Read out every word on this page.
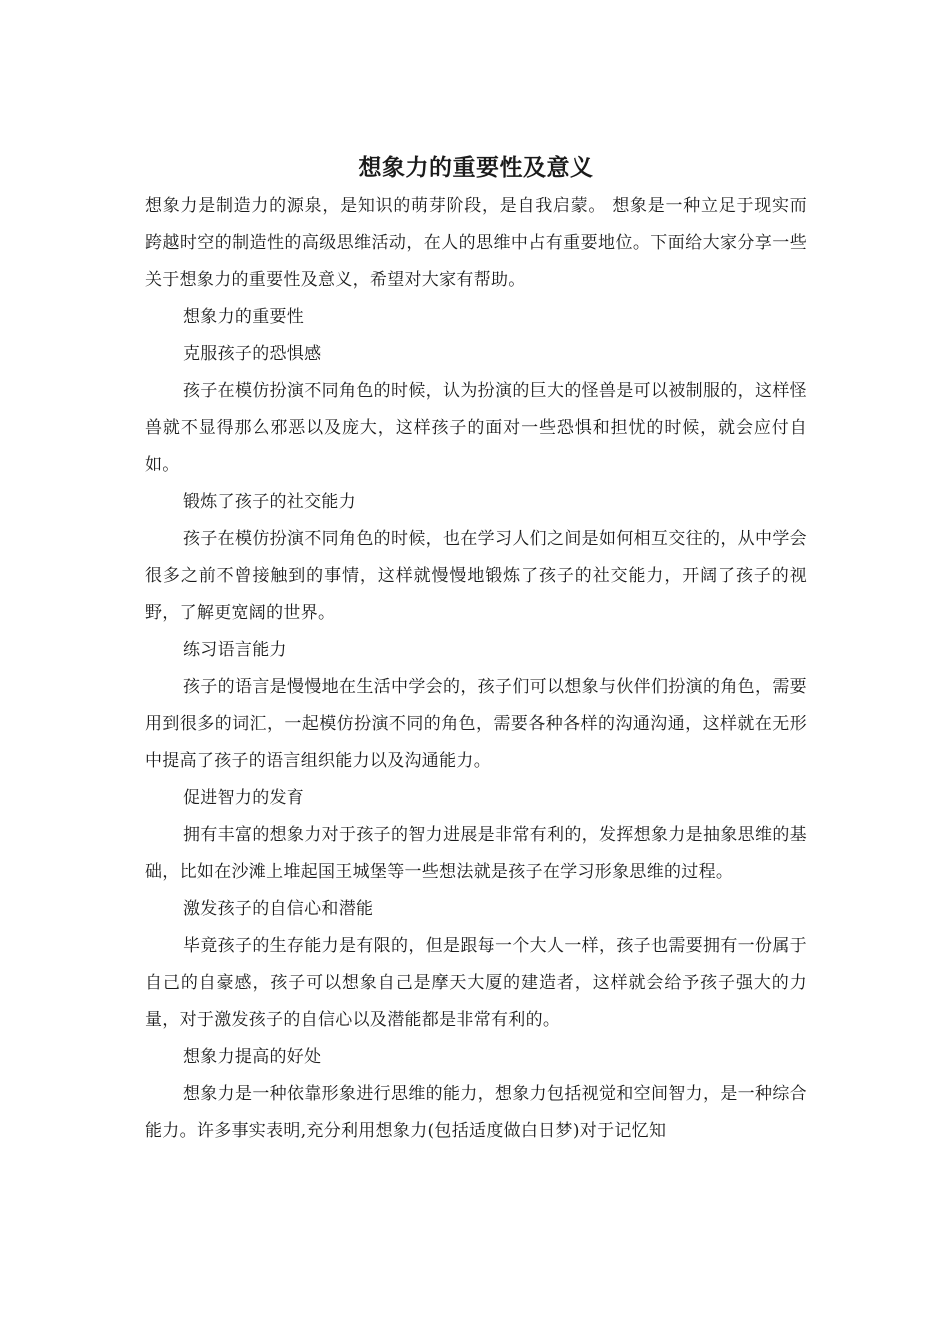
想象力的重要性及意义

想象力是制造力的源泉，是知识的萌芽阶段，是自我启蒙。 想象是一种立足于现实而跨越时空的制造性的高级思维活动，在人的思维中占有重要地位。下面给大家分享一些关于想象力的重要性及意义，希望对大家有帮助。

想象力的重要性

克服孩子的恐惧感

孩子在模仿扮演不同角色的时候，认为扮演的巨大的怪兽是可以被制服的，这样怪兽就不显得那么邪恶以及庞大，这样孩子的面对一些恐惧和担忧的时候，就会应付自如。

锻炼了孩子的社交能力

孩子在模仿扮演不同角色的时候，也在学习人们之间是如何相互交往的，从中学会很多之前不曾接触到的事情，这样就慢慢地锻炼了孩子的社交能力，开阔了孩子的视野，了解更宽阔的世界。

练习语言能力

孩子的语言是慢慢地在生活中学会的，孩子们可以想象与伙伴们扮演的角色，需要用到很多的词汇，一起模仿扮演不同的角色，需要各种各样的沟通沟通，这样就在无形中提高了孩子的语言组织能力以及沟通能力。

促进智力的发育

拥有丰富的想象力对于孩子的智力进展是非常有利的，发挥想象力是抽象思维的基础，比如在沙滩上堆起国王城堡等一些想法就是孩子在学习形象思维的过程。

激发孩子的自信心和潜能

毕竟孩子的生存能力是有限的，但是跟每一个大人一样，孩子也需要拥有一份属于自己的自豪感，孩子可以想象自己是摩天大厦的建造者，这样就会给予孩子强大的力量，对于激发孩子的自信心以及潜能都是非常有利的。

想象力提高的好处

想象力是一种依靠形象进行思维的能力，想象力包括视觉和空间智力，是一种综合能力。许多事实表明,充分利用想象力(包括适度做白日梦)对于记忆知
